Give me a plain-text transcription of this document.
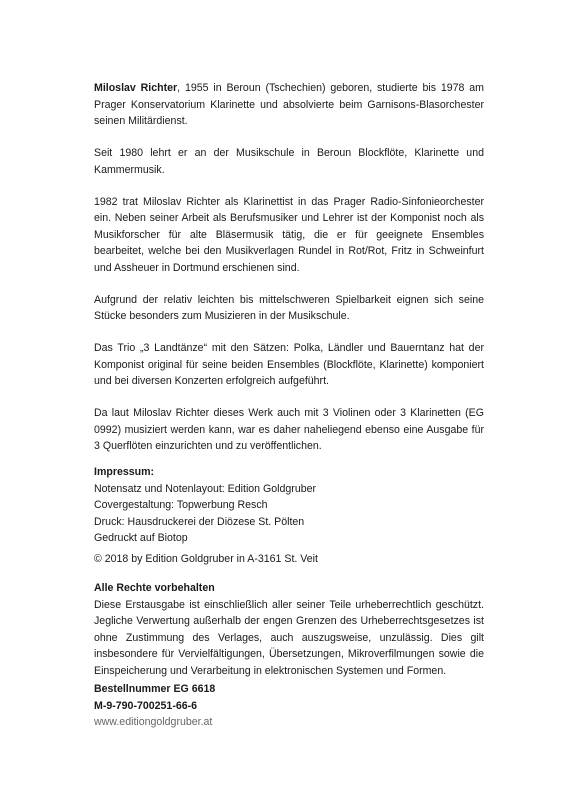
Miloslav Richter, 1955 in Beroun (Tschechien) geboren, studierte bis 1978 am Prager Konservatorium Klarinette und absolvierte beim Garnisons-Blasorchester seinen Militärdienst.

Seit 1980 lehrt er an der Musikschule in Beroun Blockflöte, Klarinette und Kammermusik.

1982 trat Miloslav Richter als Klarinettist in das Prager Radio-Sinfonieorchester ein. Neben seiner Arbeit als Berufsmusiker und Lehrer ist der Komponist noch als Musikforscher für alte Bläsermusik tätig, die er für geeignete Ensembles bearbeitet, welche bei den Musikverlagen Rundel in Rot/Rot, Fritz in Schweinfurt und Assheuer in Dortmund erschienen sind.

Aufgrund der relativ leichten bis mittelschweren Spielbarkeit eignen sich seine Stücke besonders zum Musizieren in der Musikschule.

Das Trio „3 Landtänze“ mit den Sätzen: Polka, Ländler und Bauerntanz hat der Komponist original für seine beiden Ensembles (Blockflöte, Klarinette) komponiert und bei diversen Konzerten erfolgreich aufgeführt.

Da laut Miloslav Richter dieses Werk auch mit 3 Violinen oder 3 Klarinetten (EG 0992) musiziert werden kann, war es daher naheliegend ebenso eine Ausgabe für 3 Querflöten einzurichten und zu veröffentlichen.

Impressum:
Notensatz und Notenlayout: Edition Goldgruber
Covergestaltung: Topwerbung Resch
Druck: Hausdruckerei der Diözese St. Pölten
Gedruckt auf Biotop
© 2018 by Edition Goldgruber in A-3161 St. Veit
Alle Rechte vorbehalten
Diese Erstausgabe ist einschließlich aller seiner Teile urheberrechtlich geschützt. Jegliche Verwertung außerhalb der engen Grenzen des Urheberrechtsgesetzes ist ohne Zustimmung des Verlages, auch auszugsweise, unzulässig. Dies gilt insbesondere für Vervielfältigungen, Übersetzungen, Mikroverfilmungen sowie die Einspeicherung und Verarbeitung in elektronischen Systemen und Formen.
Bestellnummer EG 6618
M-9-790-700251-66-6
www.editiongoldgruber.at
